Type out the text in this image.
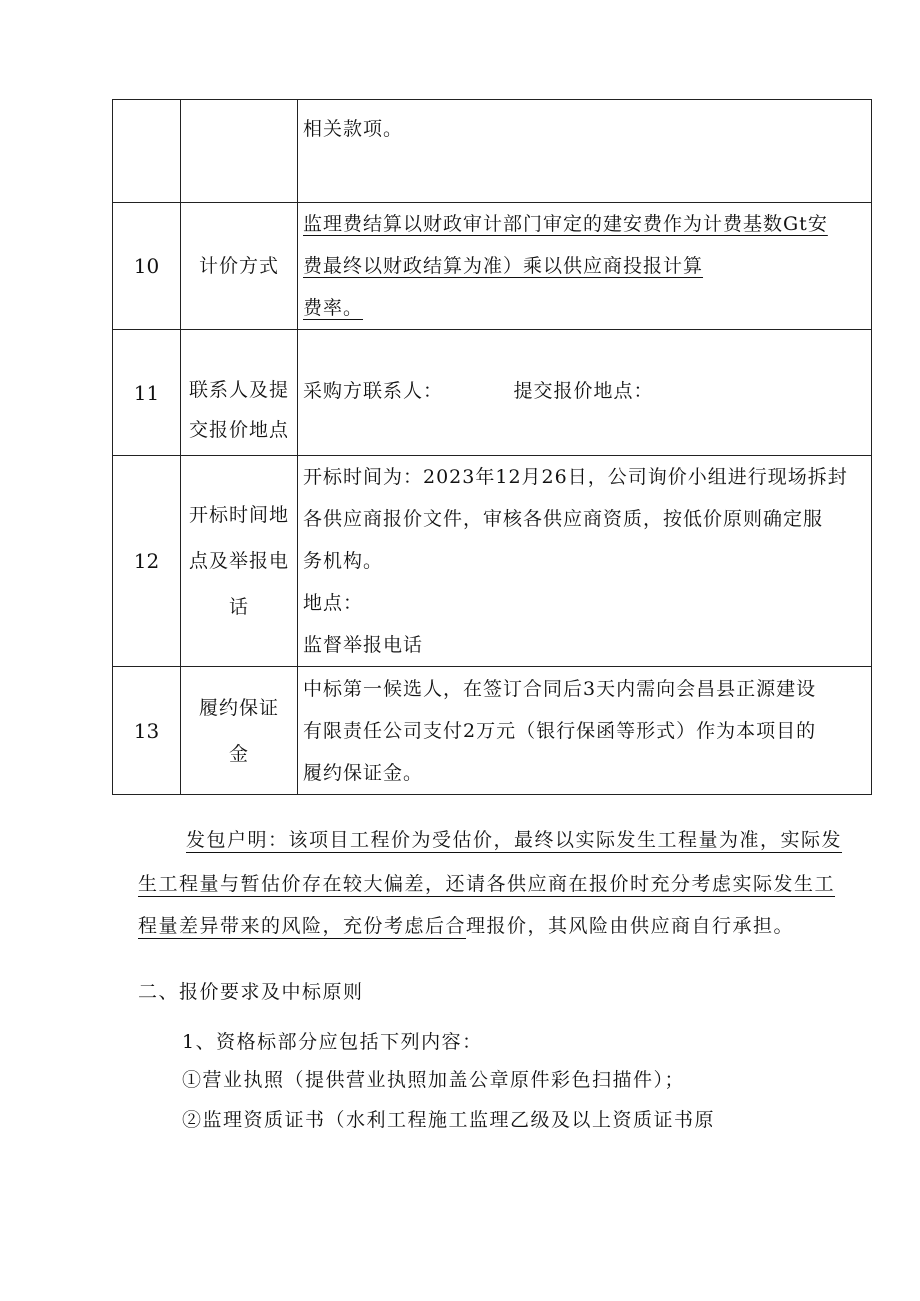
		相关款项。

10	计价方式	监理费结算以财政审计部门审定的建安费作为计费基数Gt安
费最终以财政结算为准）乘以供应商投报计算
费率。

11	联系人及提
交报价地点	采购方联系人：　　　　提交报价地点：

12	开标时间地
点及举报电
话	开标时间为：2023年12月26日，公司询价小组进行现场拆封
各供应商报价文件，审核各供应商资质，按低价原则确定服
务机构。
地点：
监督举报电话

13	履约保证
金	中标第一候选人，在签订合同后3天内需向会昌县正源建设
有限责任公司支付2万元（银行保函等形式）作为本项目的
履约保证金。
发包户明：该项目工程价为受估价，最终以实际发生工程量为准，实际发
生工程量与暂估价存在较大偏差，还请各供应商在报价时充分考虑实际发生工
程量差异带来的风险，充份考虑后合理报价，其风险由供应商自行承担。
二、报价要求及中标原则
1、资格标部分应包括下列内容：
①营业执照（提供营业执照加盖公章原件彩色扫描件）；
②监理资质证书（水利工程施工监理乙级及以上资质证书原
